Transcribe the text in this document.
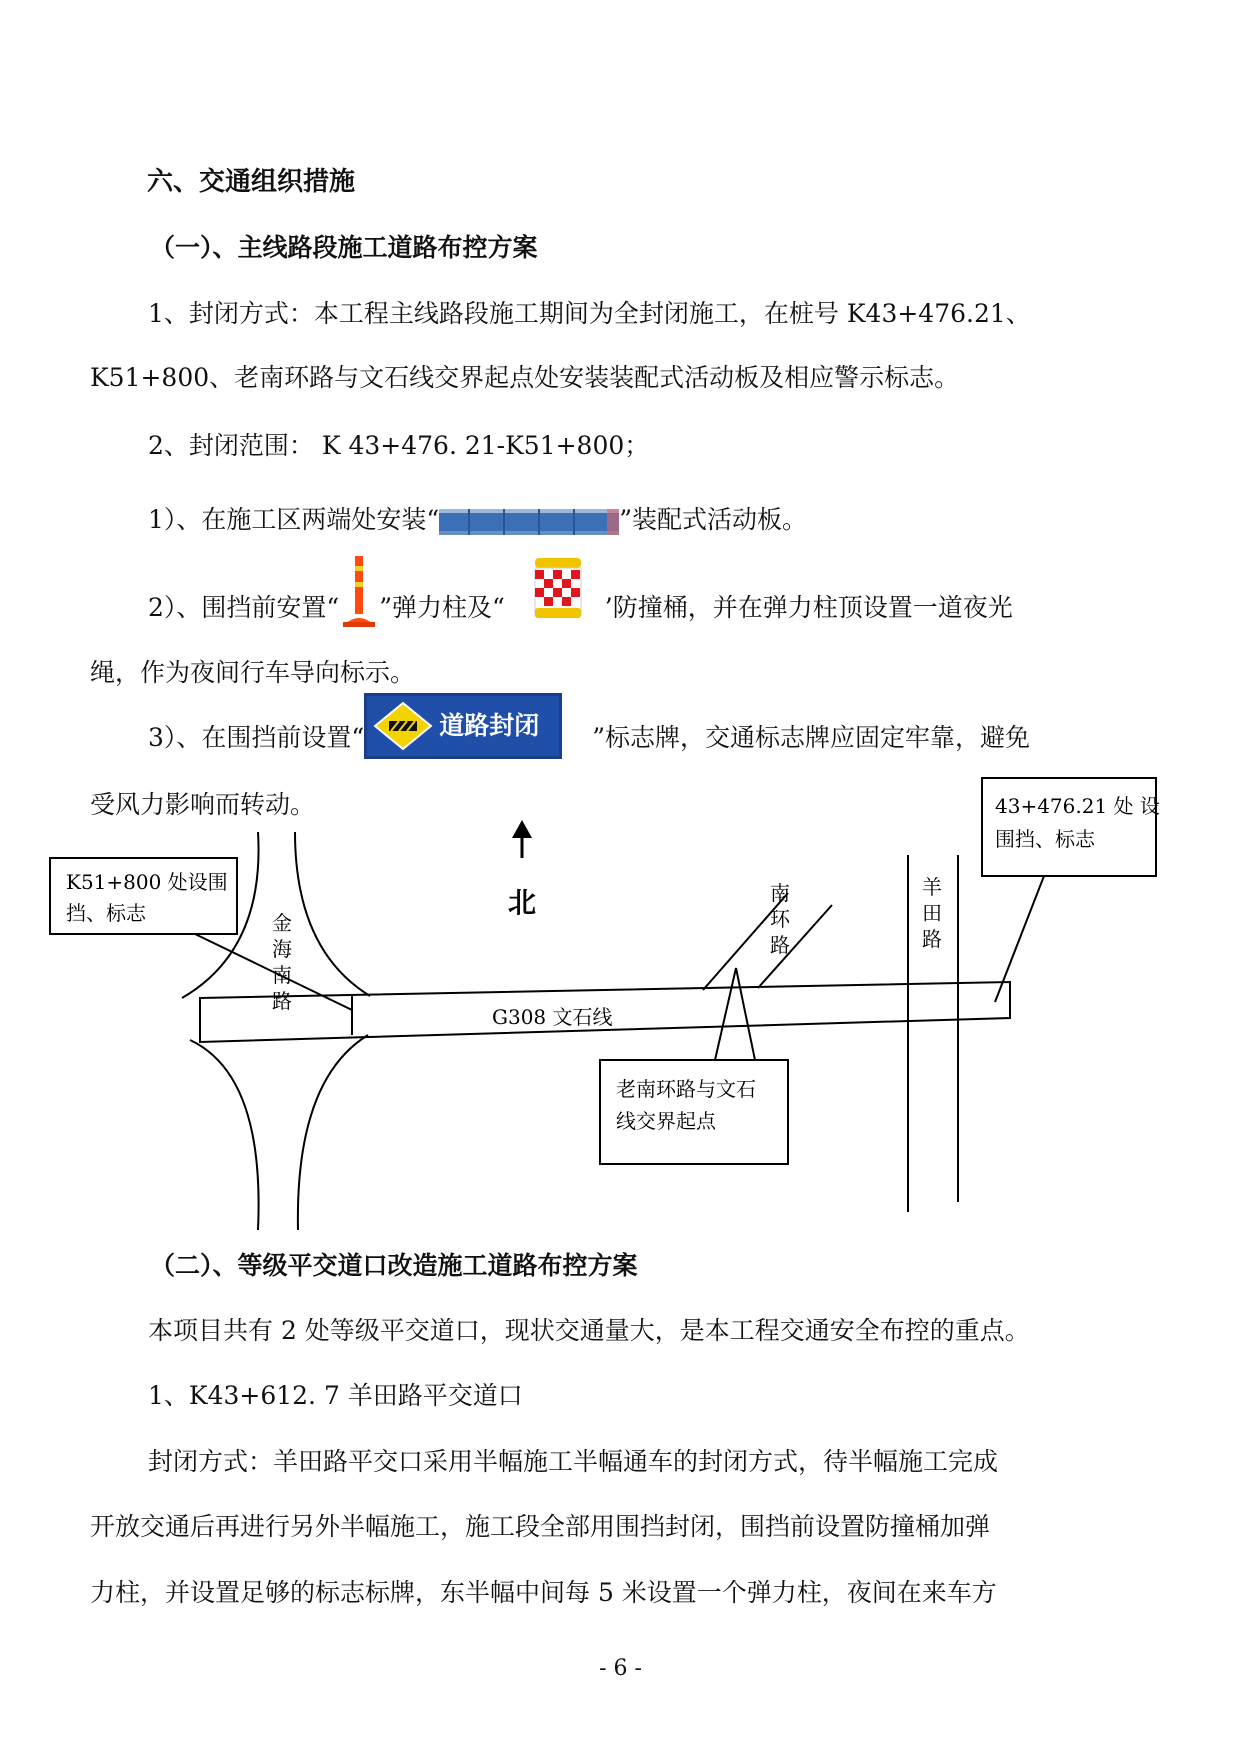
六、交通组织措施
（一）、主线路段施工道路布控方案
1、封闭方式：本工程主线路段施工期间为全封闭施工，在桩号 K43+476.21、
K51+800、老南环路与文石线交界起点处安装装配式活动板及相应警示标志。
2、封闭范围： K 43+476. 21-K51+800；
1）、在施工区两端处安装“	”装配式活动板。
2）、围挡前安置“ ”弹力柱及“	’防撞桶，并在弹力柱顶设置一道夜光
绳，作为夜间行车导向标示。
3）、在围挡前设置“	道路封闭 ”标志牌，交通标志牌应固定牢靠，避免
受风力影响而转动。
北
K51+800 处设围
挡、标志
43+476.21 处 设
围挡、标志
老南环路与文石
线交界起点
G308 文石线
金
海
南
路
南
环
路
羊
田
路
（二）、等级平交道口改造施工道路布控方案
本项目共有 2 处等级平交道口，现状交通量大，是本工程交通安全布控的重点。
1、K43+612. 7 羊田路平交道口
封闭方式：羊田路平交口采用半幅施工半幅通车的封闭方式，待半幅施工完成
开放交通后再进行另外半幅施工，施工段全部用围挡封闭，围挡前设置防撞桶加弹
力柱，并设置足够的标志标牌，东半幅中间每 5 米设置一个弹力柱，夜间在来车方
- 6 -
